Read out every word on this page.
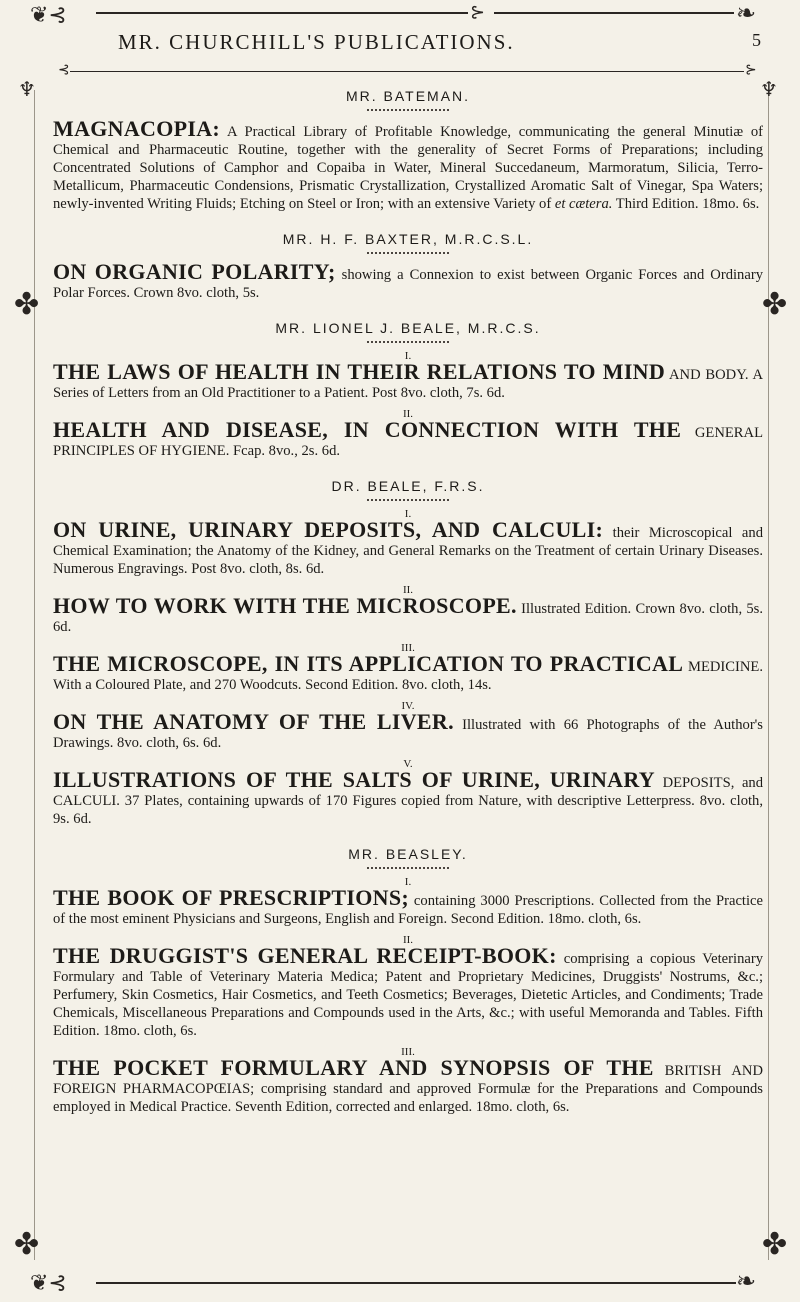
❦⊰	⊱	❧
MR. CHURCHILL'S PUBLICATIONS.	5
⊰	⊱
♆	♆
✤	✤
✤	✤
❦⊰	❧
MR. BATEMAN.
MAGNACOPIA: A Practical Library of Profitable Knowledge, communicating the general Minutiæ of Chemical and Pharmaceutic Routine, together with the generality of Secret Forms of Preparations; including Concentrated Solutions of Camphor and Copaiba in Water, Mineral Succedaneum, Marmoratum, Silicia, Terro-Metallicum, Pharmaceutic Condensions, Prismatic Crystallization, Crystallized Aromatic Salt of Vinegar, Spa Waters; newly-invented Writing Fluids; Etching on Steel or Iron; with an extensive Variety of et cætera. Third Edition. 18mo. 6s.
MR. H. F. BAXTER, M.R.C.S.L.
ON ORGANIC POLARITY; showing a Connexion to exist between Organic Forces and Ordinary Polar Forces. Crown 8vo. cloth, 5s.
MR. LIONEL J. BEALE, M.R.C.S.
I.
THE LAWS OF HEALTH IN THEIR RELATIONS TO MIND AND BODY. A Series of Letters from an Old Practitioner to a Patient. Post 8vo. cloth, 7s. 6d.
II.
HEALTH AND DISEASE, IN CONNECTION WITH THE GENERAL PRINCIPLES OF HYGIENE. Fcap. 8vo., 2s. 6d.
DR. BEALE, F.R.S.
I.
ON URINE, URINARY DEPOSITS, AND CALCULI: their Microscopical and Chemical Examination; the Anatomy of the Kidney, and General Remarks on the Treatment of certain Urinary Diseases. Numerous Engravings. Post 8vo. cloth, 8s. 6d.
II.
HOW TO WORK WITH THE MICROSCOPE. Illustrated Edition. Crown 8vo. cloth, 5s. 6d.
III.
THE MICROSCOPE, IN ITS APPLICATION TO PRACTICAL MEDICINE. With a Coloured Plate, and 270 Woodcuts. Second Edition. 8vo. cloth, 14s.
IV.
ON THE ANATOMY OF THE LIVER. Illustrated with 66 Photographs of the Author's Drawings. 8vo. cloth, 6s. 6d.
V.
ILLUSTRATIONS OF THE SALTS OF URINE, URINARY DEPOSITS, and CALCULI. 37 Plates, containing upwards of 170 Figures copied from Nature, with descriptive Letterpress. 8vo. cloth, 9s. 6d.
MR. BEASLEY.
I.
THE BOOK OF PRESCRIPTIONS; containing 3000 Prescriptions. Collected from the Practice of the most eminent Physicians and Surgeons, English and Foreign. Second Edition. 18mo. cloth, 6s.
II.
THE DRUGGIST'S GENERAL RECEIPT-BOOK: comprising a copious Veterinary Formulary and Table of Veterinary Materia Medica; Patent and Proprietary Medicines, Druggists' Nostrums, &c.; Perfumery, Skin Cosmetics, Hair Cosmetics, and Teeth Cosmetics; Beverages, Dietetic Articles, and Condiments; Trade Chemicals, Miscellaneous Preparations and Compounds used in the Arts, &c.; with useful Memoranda and Tables. Fifth Edition. 18mo. cloth, 6s.
III.
THE POCKET FORMULARY AND SYNOPSIS OF THE BRITISH AND FOREIGN PHARMACOPŒIAS; comprising standard and approved Formulæ for the Preparations and Compounds employed in Medical Practice. Seventh Edition, corrected and enlarged. 18mo. cloth, 6s.
